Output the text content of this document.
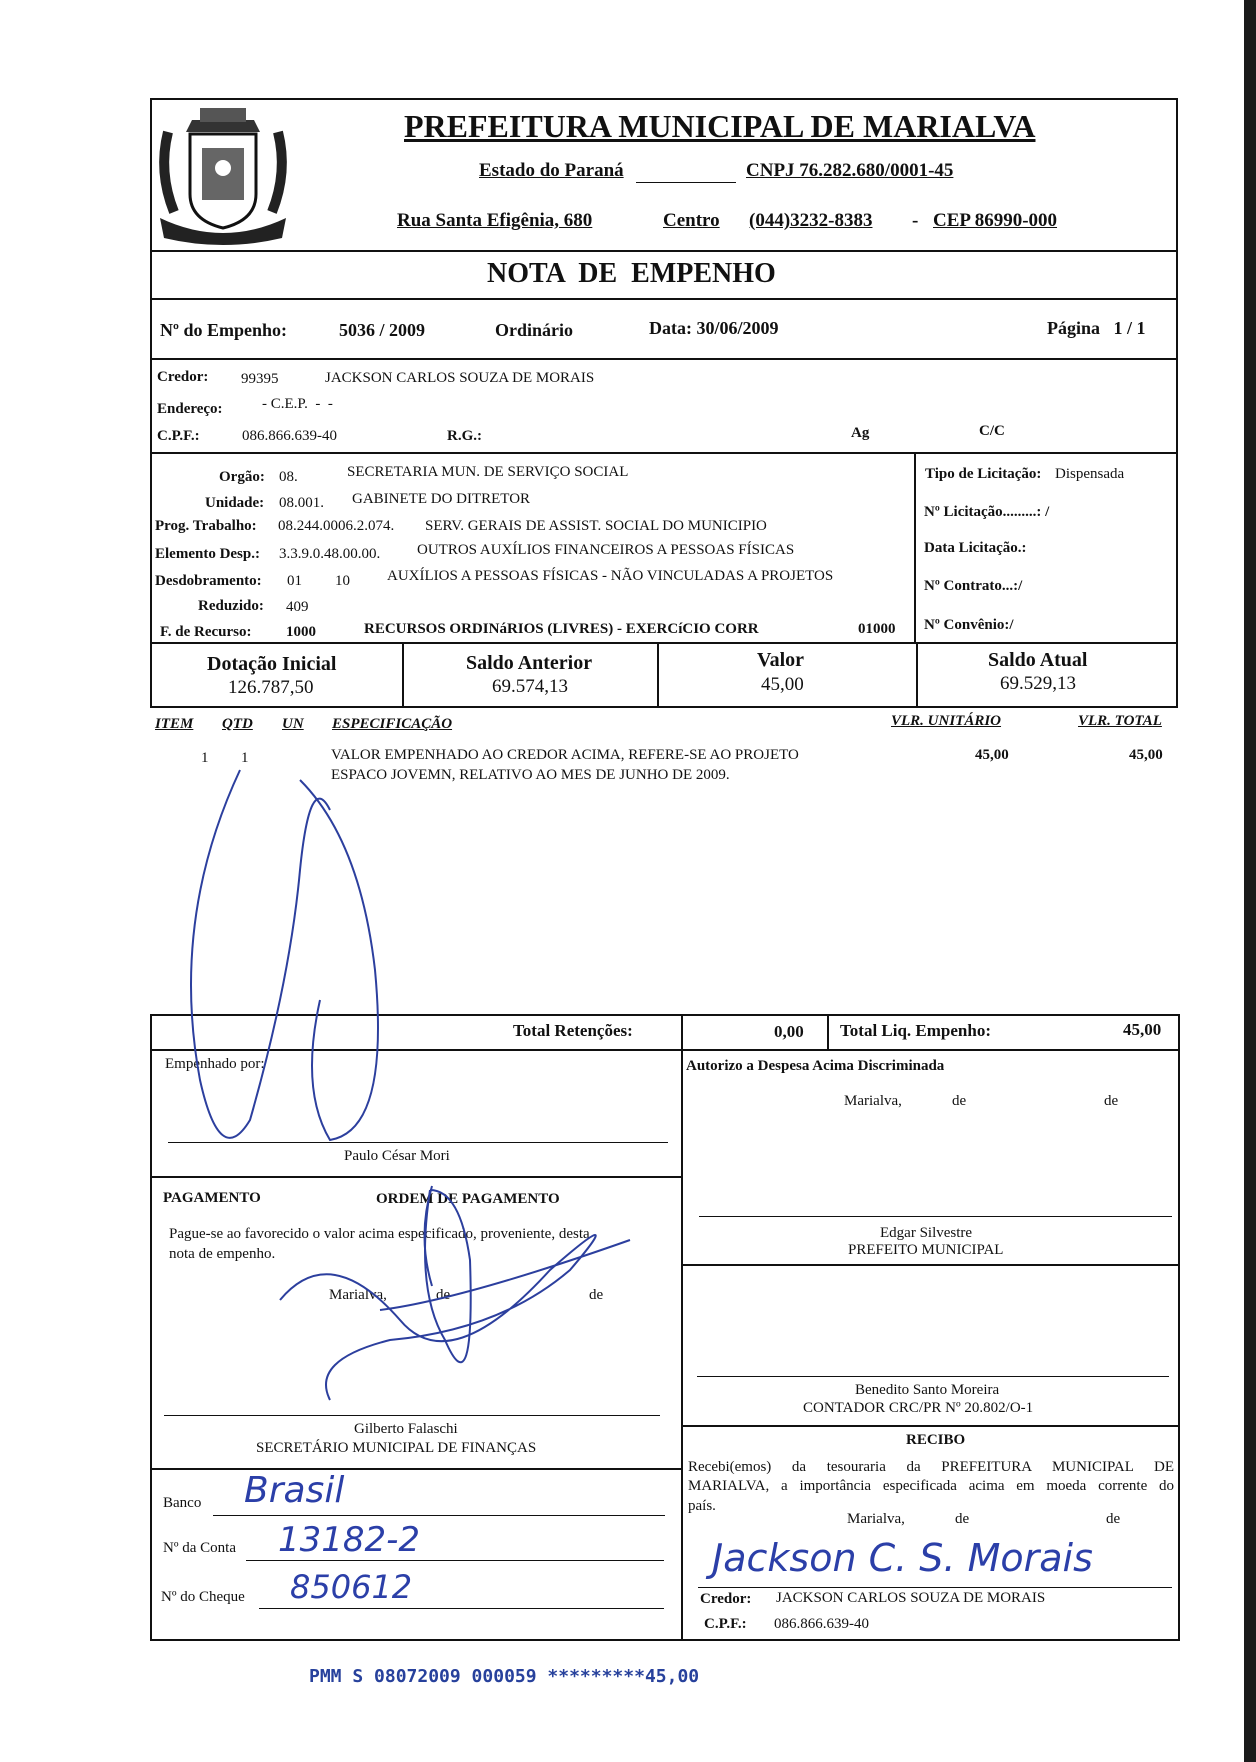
PREFEITURA MUNICIPAL DE MARIALVA
Estado do Paraná	CNPJ 76.282.680/0001-45
Rua Santa Efigênia, 680	Centro (044)3232-8383 - CEP 86990-000
NOTA  DE  EMPENHO
Nº do Empenho:	5036 / 2009	Ordinário	Data: 30/06/2009	Página   1 / 1
Credor: 99395	JACKSON CARLOS SOUZA DE MORAIS
Endereço:	- C.E.P.  -  -
C.P.F.:	086.866.639-40	R.G.:	Ag	C/C
Orgão: 08.	SECRETARIA MUN. DE SERVIÇO SOCIAL
Unidade: 08.001. GABINETE DO DITRETOR
Prog. Trabalho: 08.244.0006.2.074. SERV. GERAIS DE ASSIST. SOCIAL DO MUNICIPIO
Elemento Desp.: 3.3.9.0.48.00.00. OUTROS AUXÍLIOS FINANCEIROS A PESSOAS FÍSICAS
Desdobramento: 01 10 AUXÍLIOS A PESSOAS FÍSICAS - NÃO VINCULADAS A PROJETOS
Reduzido: 409
F. de Recurso: 1000	RECURSOS ORDINáRIOS (LIVRES) - EXERCíCIO CORR	01000
Tipo de Licitação: Dispensada
Nº Licitação.........: /
Data Licitação.:
Nº Contrato...:/
Nº Convênio:/
Dotação Inicial
126.787,50
Saldo Anterior
69.574,13
Valor
45,00
Saldo Atual
69.529,13
ITEM QTD UN ESPECIFICAÇÃO	VLR. UNITÁRIO	VLR. TOTAL
1 1	VALOR EMPENHADO AO CREDOR ACIMA, REFERE-SE AO PROJETO
ESPACO JOVEMN, RELATIVO AO MES DE JUNHO DE 2009.
45,00	45,00
Total Retenções:	0,00 Total Liq. Empenho:	45,00
Empenhado por:
Paulo César Mori
Autorizo a Despesa Acima Discriminada
Marialva,	de	de
Edgar Silvestre
PREFEITO MUNICIPAL
Benedito Santo Moreira
CONTADOR CRC/PR Nº 20.802/O-1
PAGAMENTO	ORDEM DE PAGAMENTO
Pague-se ao favorecido o valor acima especificado, proveniente, desta
nota de empenho.
Marialva,	de	de
Gilberto Falaschi
SECRETÁRIO MUNICIPAL DE FINANÇAS
Banco Brasil
Nº da Conta 13182-2
Nº do Cheque 850612
RECIBO
Recebi(emos) da tesouraria da PREFEITURA MUNICIPAL DE
MARIALVA, a importância especificada acima em moeda corrente do
país.
Marialva,	de	de
Jackson C. S. Morais
Credor: JACKSON CARLOS SOUZA DE MORAIS
C.P.F.: 086.866.639-40
PMM S 08072009 000059 *********45,00
